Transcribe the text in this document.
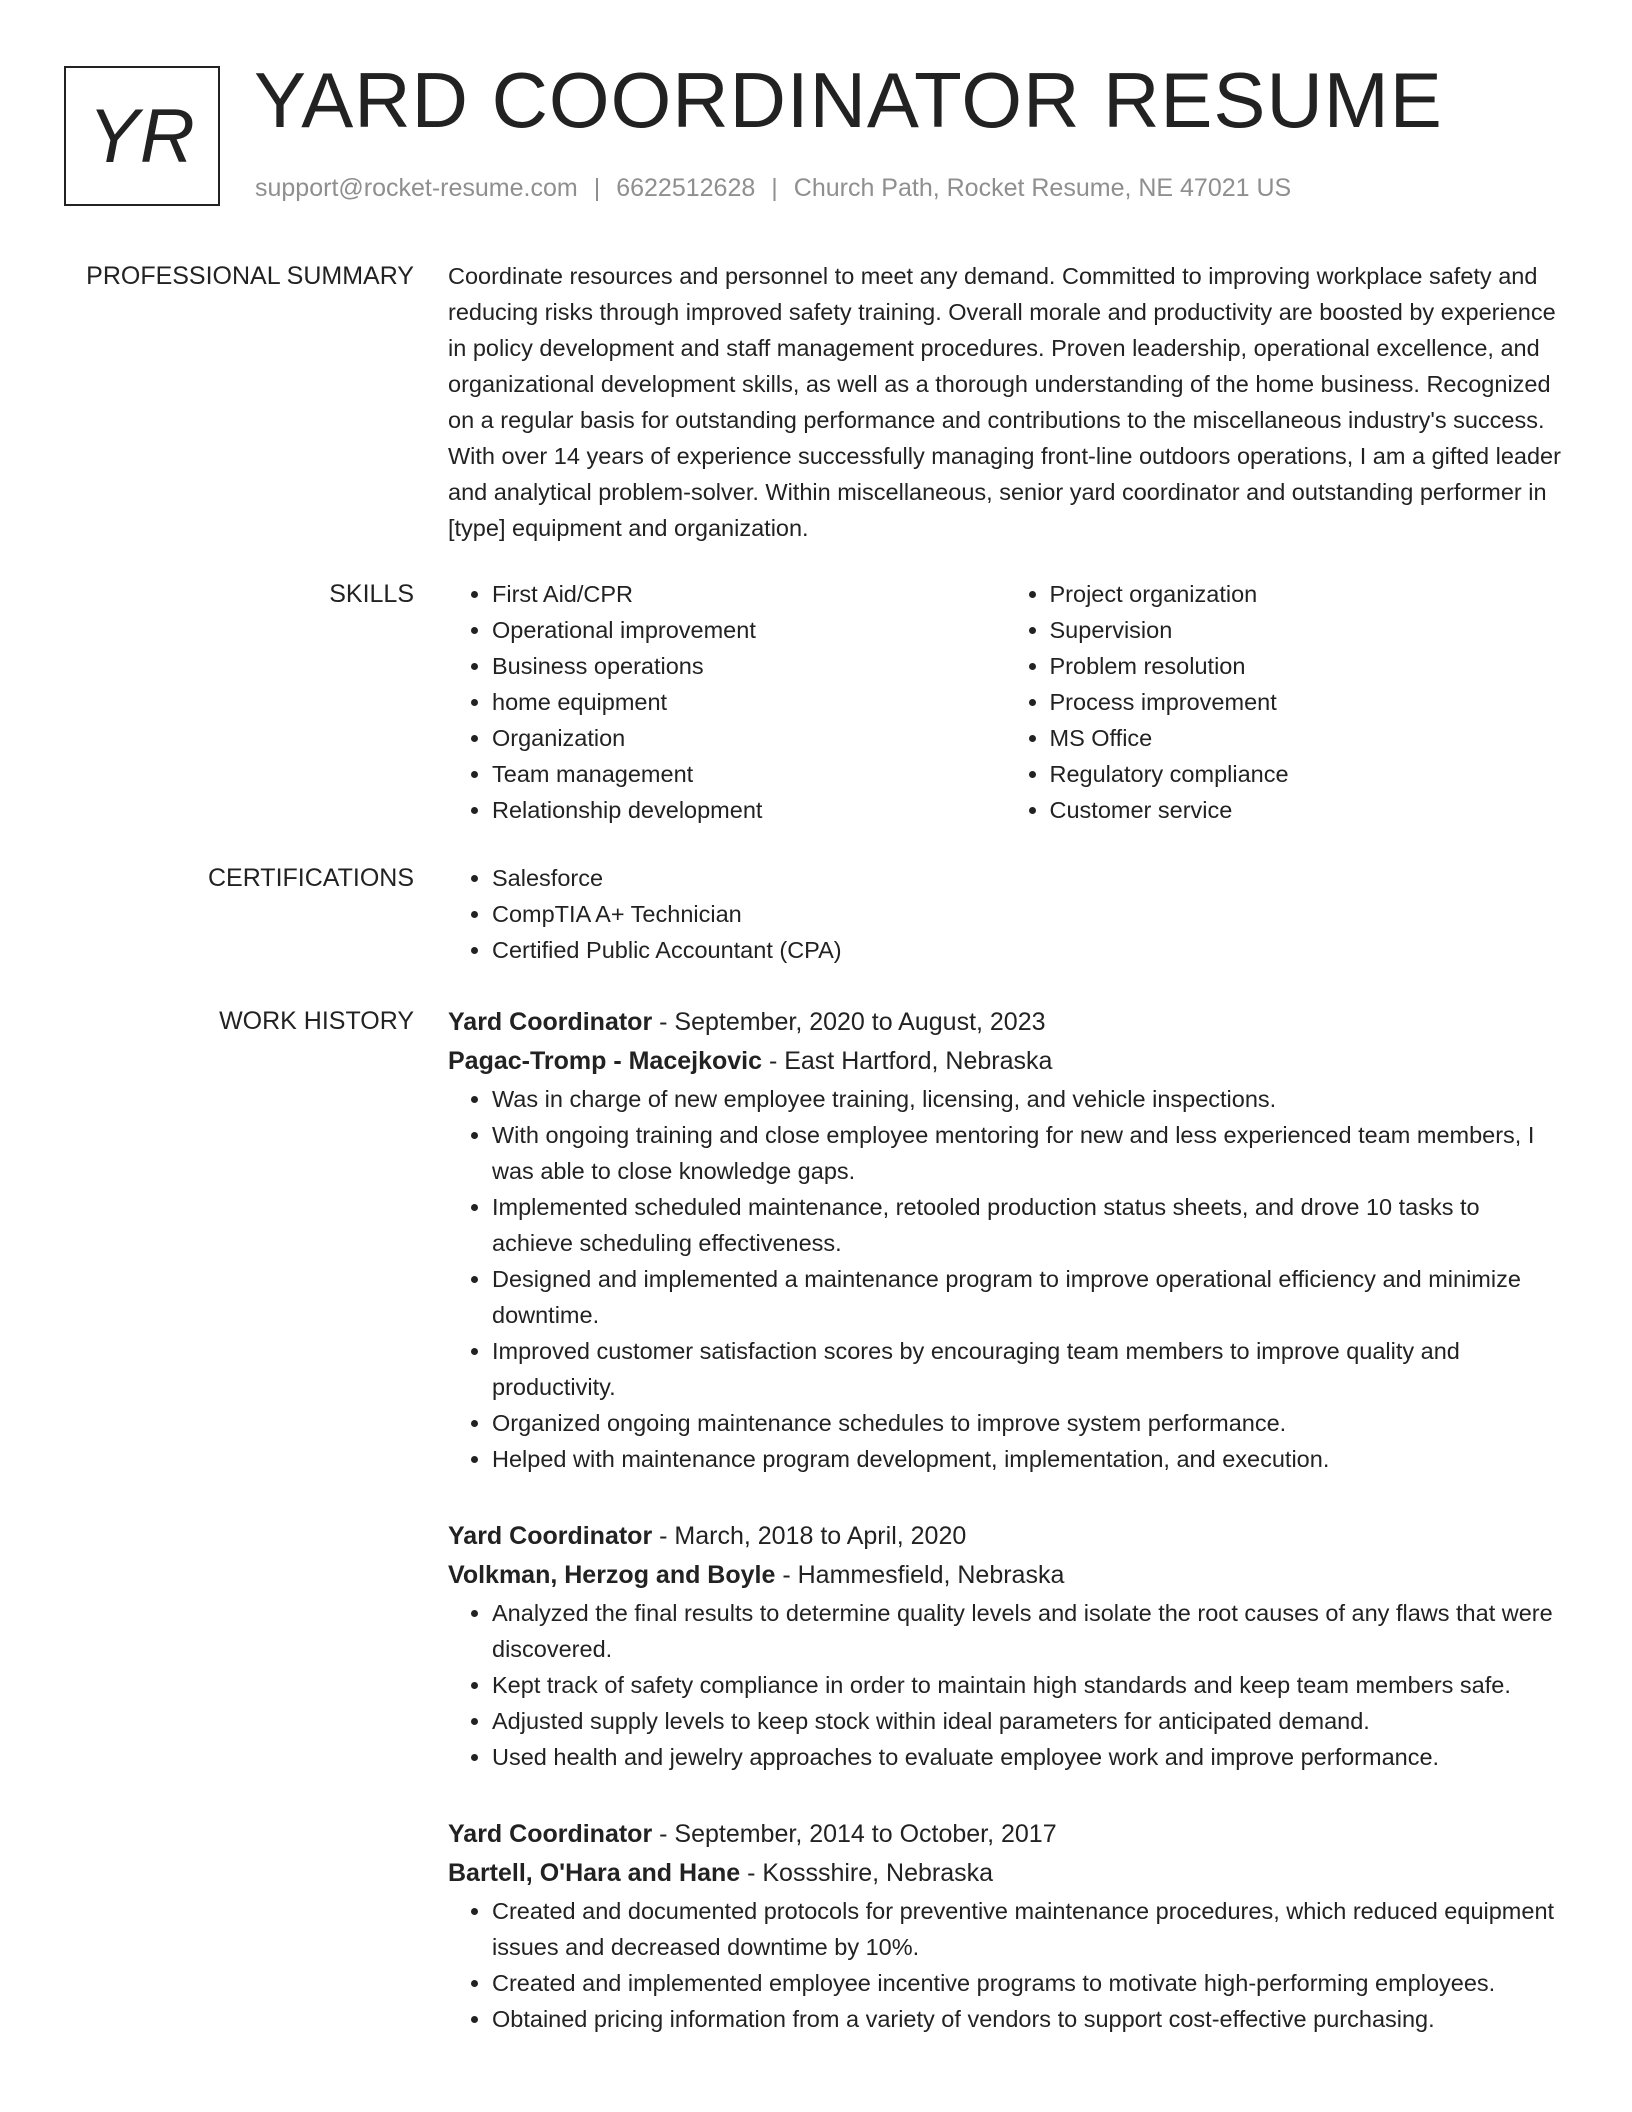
YR YARD COORDINATOR RESUME
support@rocket-resume.com | 6622512628 | Church Path, Rocket Resume, NE 47021 US
PROFESSIONAL SUMMARY Coordinate resources and personnel to meet any demand. Committed to improving workplace safety and reducing risks through improved safety training. Overall morale and productivity are boosted by experience in policy development and staff management procedures. Proven leadership, operational excellence, and organizational development skills, as well as a thorough understanding of the home business. Recognized on a regular basis for outstanding performance and contributions to the miscellaneous industry's success. With over 14 years of experience successfully managing front-line outdoors operations, I am a gifted leader and analytical problem-solver. Within miscellaneous, senior yard coordinator and outstanding performer in [type] equipment and organization.

SKILLS	• First Aid/CPR
• Operational improvement
• Business operations
• home equipment
• Organization
• Team management
• Relationship development
• Project organization
• Supervision
• Problem resolution
• Process improvement
• MS Office
• Regulatory compliance
• Customer service
CERTIFICATIONS	• Salesforce
• CompTIA A+ Technician
• Certified Public Accountant (CPA)
WORK HISTORY Yard Coordinator - September, 2020 to August, 2023
Pagac-Tromp - Macejkovic - East Hartford, Nebraska
• Was in charge of new employee training, licensing, and vehicle inspections.
• With ongoing training and close employee mentoring for new and less experienced team members, I was able to close knowledge gaps.
• Implemented scheduled maintenance, retooled production status sheets, and drove 10 tasks to achieve scheduling effectiveness.
• Designed and implemented a maintenance program to improve operational efficiency and minimize downtime.
• Improved customer satisfaction scores by encouraging team members to improve quality and productivity.
• Organized ongoing maintenance schedules to improve system performance.
• Helped with maintenance program development, implementation, and execution.
Yard Coordinator - March, 2018 to April, 2020
Volkman, Herzog and Boyle - Hammesfield, Nebraska
• Analyzed the final results to determine quality levels and isolate the root causes of any flaws that were discovered.
• Kept track of safety compliance in order to maintain high standards and keep team members safe.
• Adjusted supply levels to keep stock within ideal parameters for anticipated demand.
• Used health and jewelry approaches to evaluate employee work and improve performance.
Yard Coordinator - September, 2014 to October, 2017
Bartell, O'Hara and Hane - Kossshire, Nebraska
• Created and documented protocols for preventive maintenance procedures, which reduced equipment issues and decreased downtime by 10%.
• Created and implemented employee incentive programs to motivate high-performing employees.
• Obtained pricing information from a variety of vendors to support cost-effective purchasing.
